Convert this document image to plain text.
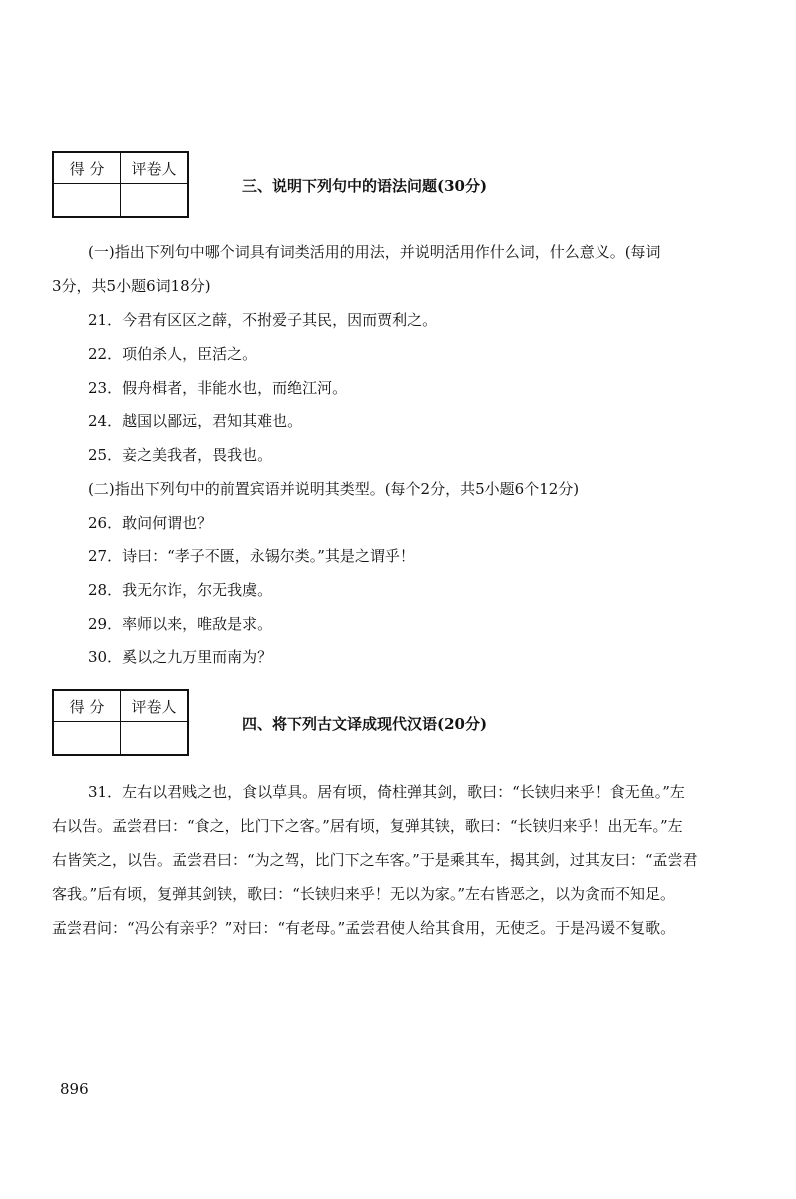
得 分	评卷人

三、说明下列句中的语法问题(30分)
(一)指出下列句中哪个词具有词类活用的用法，并说明活用作什么词，什么意义。(每词
3分，共5小题6词18分)
21．今君有区区之薛，不拊爱子其民，因而贾利之。
22．项伯杀人，臣活之。
23．假舟楫者，非能水也，而绝江河。
24．越国以鄙远，君知其难也。
25．妾之美我者，畏我也。
(二)指出下列句中的前置宾语并说明其类型。(每个2分，共5小题6个12分)
26．敢问何谓也？
27．诗曰：“孝子不匮，永锡尔类。”其是之谓乎！
28．我无尔诈，尔无我虞。
29．率师以来，唯敌是求。
30．奚以之九万里而南为？
得 分	评卷人

四、将下列古文译成现代汉语(20分)
31．左右以君贱之也，食以草具。居有顷，倚柱弹其剑，歌曰：“长铗归来乎！食无鱼。”左
右以告。孟尝君曰：“食之，比门下之客。”居有顷，复弹其铗，歌曰：“长铗归来乎！出无车。”左
右皆笑之，以告。孟尝君曰：“为之驾，比门下之车客。”于是乘其车，揭其剑，过其友曰：“孟尝君
客我。”后有顷，复弹其剑铗，歌曰：“长铗归来乎！无以为家。”左右皆恶之，以为贪而不知足。
孟尝君问：“冯公有亲乎？”对曰：“有老母。”孟尝君使人给其食用，无使乏。于是冯谖不复歌。
896
